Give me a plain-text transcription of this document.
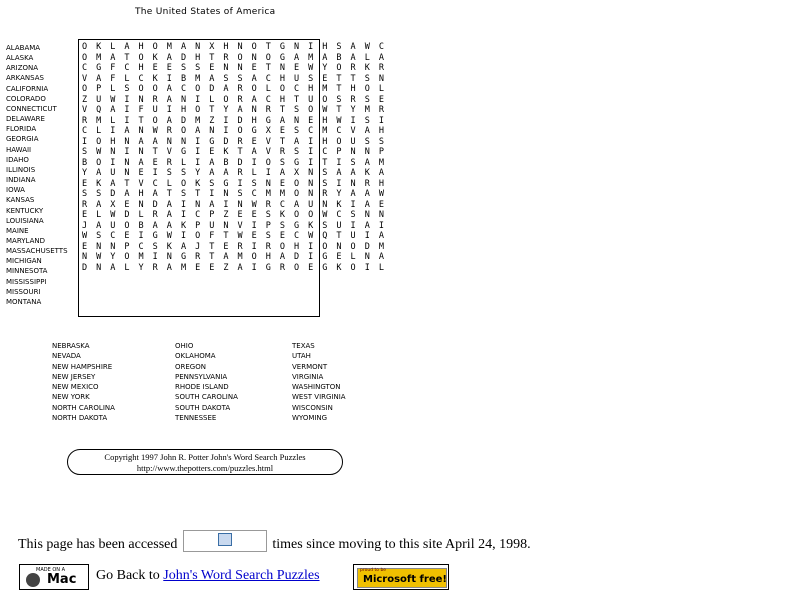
The United States of America
ALABAMA
ALASKA
ARIZONA
ARKANSAS
CALIFORNIA
COLORADO
CONNECTICUT
DELAWARE
FLORIDA
GEORGIA
HAWAII
IDAHO
ILLINOIS
INDIANA
IOWA
KANSAS
KENTUCKY
LOUISIANA
MAINE
MARYLAND
MASSACHUSETTS
MICHIGAN
MINNESOTA
MISSISSIPPI
MISSOURI
MONTANA
O K L A H O M A N X H N O T G N I H S A W C
O M A T O K A D H T R O N O G A M A B A L A
C G F C H E E S S E N N E T N E W Y O R K R
V A F L C K I B M A S S A C H U S E T T S N
O P L S O O A C O D A R O L O C H M T H O L
Z U W I N R A N I L O R A C H T U O S R S E
V Q A I F U I H O T Y A N R T S O W T Y M R
R M L I T O A D M Z I D H G A N E H W I S I
C L I A N W R O A N I O G X E S C M C V A H
I O H N A A N N I G D R E V T A I H O U S S
S W N I N T V G I E K T A V R S I C P N N P
B O I N A E R L I A B D I O S G I T I S A M
Y A U N E I S S Y A A R L I A X N S A A K A
E K A T V C L O K S G I S N E O N S I N R H
S S D A H A T S T I N S C M M O N R Y A A W
R A X E N D A I N A I N W R C A U N K I A E
E L W D L R A I C P Z E E S K O O W C S N N
J A U O B A A K P U N V I P S G K S U I A I
W S C E I G W I O F T W E S E C W Q T U I A
E N N P C S K A J T E R I R O H I O N O D M
N W Y O M I N G R T A M O H A D I G E L N A
D N A L Y R A M E E Z A I G R O E G K O I L
NEBRASKA
NEVADA
NEW HAMPSHIRE
NEW JERSEY
NEW MEXICO
NEW YORK
NORTH CAROLINA
NORTH DAKOTA
OHIO
OKLAHOMA
OREGON
PENNSYLVANIA
RHODE ISLAND
SOUTH CAROLINA
SOUTH DAKOTA
TENNESSEE
TEXAS
UTAH
VERMONT
VIRGINIA
WASHINGTON
WEST VIRGINIA
WISCONSIN
WYOMING
Copyright 1997 John R. Potter John's Word Search Puzzles
http://www.thepotters.com/puzzles.html
This page has been accessed	times since moving to this site April 24, 1998.
MADE ON A
Mac Go Back to John's Word Search Puzzles	proud to be
Microsoft free!
